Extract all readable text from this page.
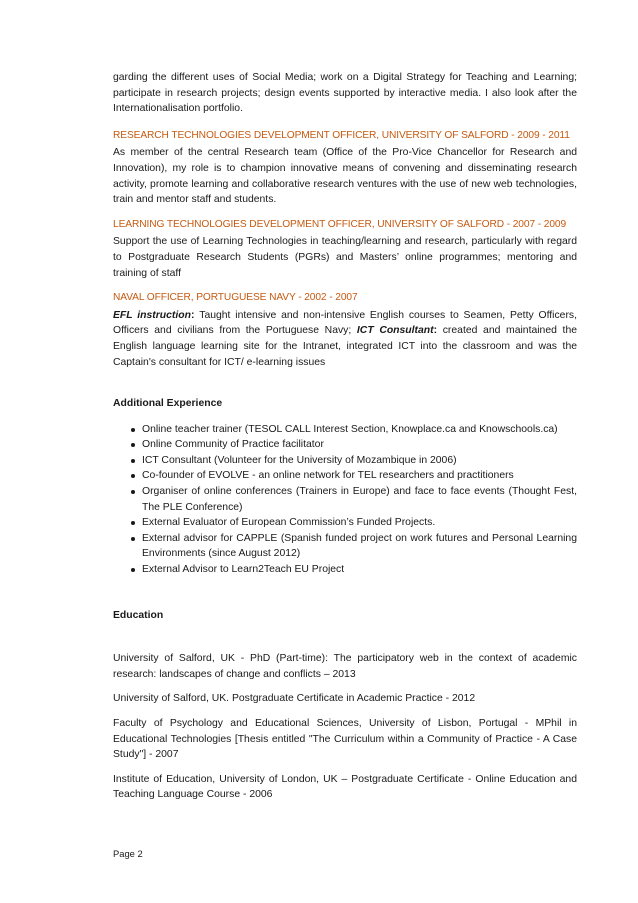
garding the different uses of Social Media; work on a Digital Strategy for Teaching and Learning; participate in research projects; design events supported by interactive media. I also look after the Internationalisation portfolio.

RESEARCH TECHNOLOGIES DEVELOPMENT OFFICER, UNIVERSITY OF SALFORD - 2009 - 2011

As member of the central Research team (Office of the Pro-Vice Chancellor for Research and Innovation), my role is to champion innovative means of convening and disseminating research activity, promote learning and collaborative research ventures with the use of new web technologies, train and mentor staff and students.

LEARNING TECHNOLOGIES DEVELOPMENT OFFICER, UNIVERSITY OF SALFORD - 2007 - 2009

Support the use of Learning Technologies in teaching/learning and research, particularly with regard to Postgraduate Research Students (PGRs) and Masters’ online programmes; mentoring and training of staff

NAVAL OFFICER, PORTUGUESE NAVY - 2002 - 2007

EFL instruction: Taught intensive and non-intensive English courses to Seamen, Petty Officers, Officers and civilians from the Portuguese Navy; ICT Consultant: created and maintained the English language learning site for the Intranet, integrated ICT into the classroom and was the Captain's consultant for ICT/ e-learning issues

Additional Experience
Online teacher trainer (TESOL CALL Interest Section, Knowplace.ca and Knowschools.ca)
Online Community of Practice facilitator
ICT Consultant (Volunteer for the University of Mozambique in 2006)
Co-founder of EVOLVE - an online network for TEL researchers and practitioners
Organiser of online conferences (Trainers in Europe) and face to face events (Thought Fest, The PLE Conference)
External Evaluator of European Commission’s Funded Projects.
External advisor for CAPPLE (Spanish funded project on work futures and Personal Learning Environments (since August 2012)
External Advisor to Learn2Teach EU Project
Education

University of Salford, UK - PhD (Part-time): The participatory web in the context of academic research: landscapes of change and conflicts – 2013

University of Salford, UK. Postgraduate Certificate in Academic Practice - 2012

Faculty of Psychology and Educational Sciences, University of Lisbon, Portugal - MPhil in Educational Technologies [Thesis entitled "The Curriculum within a Community of Practice - A Case Study"] - 2007

Institute of Education, University of London, UK – Postgraduate Certificate - Online Education and Teaching Language Course - 2006

Page 2
